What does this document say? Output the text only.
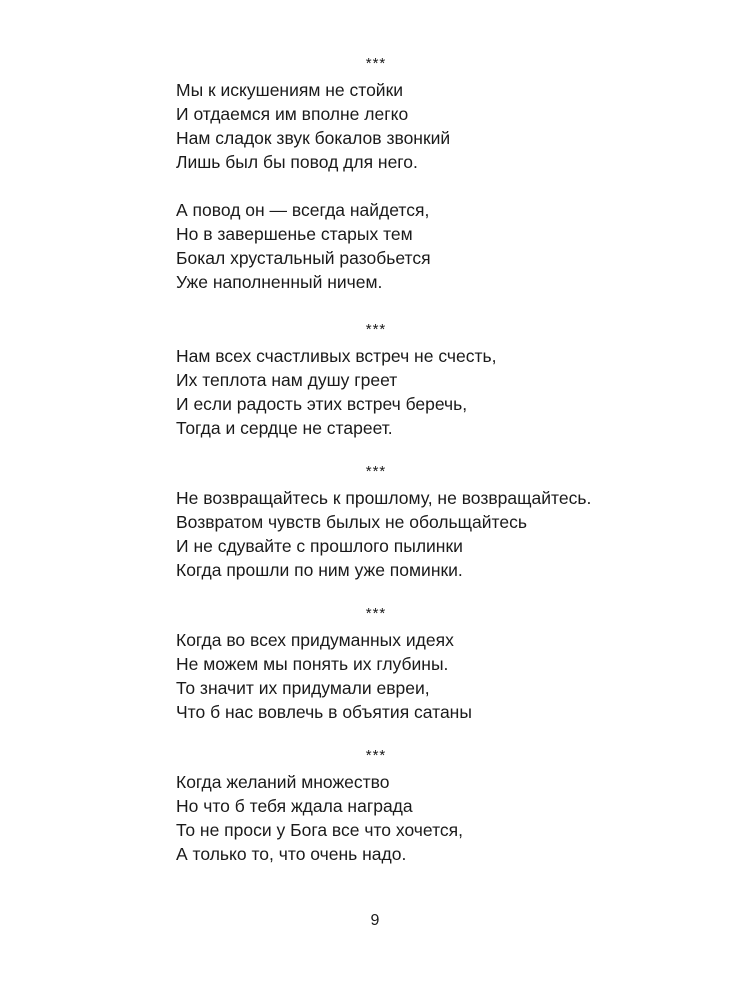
***
Мы к искушениям не стойки
И отдаемся им вполне легко
Нам сладок звук бокалов звонкий
Лишь был бы повод для него.
А повод он — всегда найдется,
Но в завершенье старых тем
Бокал хрустальный разобьется
Уже наполненный ничем.
***
Нам всех счастливых встреч не счесть,
Их теплота нам душу греет
И если радость этих встреч беречь,
Тогда и сердце не стареет.
***
Не возвращайтесь к прошлому, не возвращайтесь.
Возвратом чувств былых не обольщайтесь
И не сдувайте с прошлого пылинки
Когда прошли по ним уже поминки.
***
Когда во всех придуманных идеях
Не можем мы понять их глубины.
То значит их придумали евреи,
Что б нас вовлечь в объятия сатаны
***
Когда желаний множество
Но что б тебя ждала награда
То не проси у Бога все что хочется,
А только то, что очень надо.
9
